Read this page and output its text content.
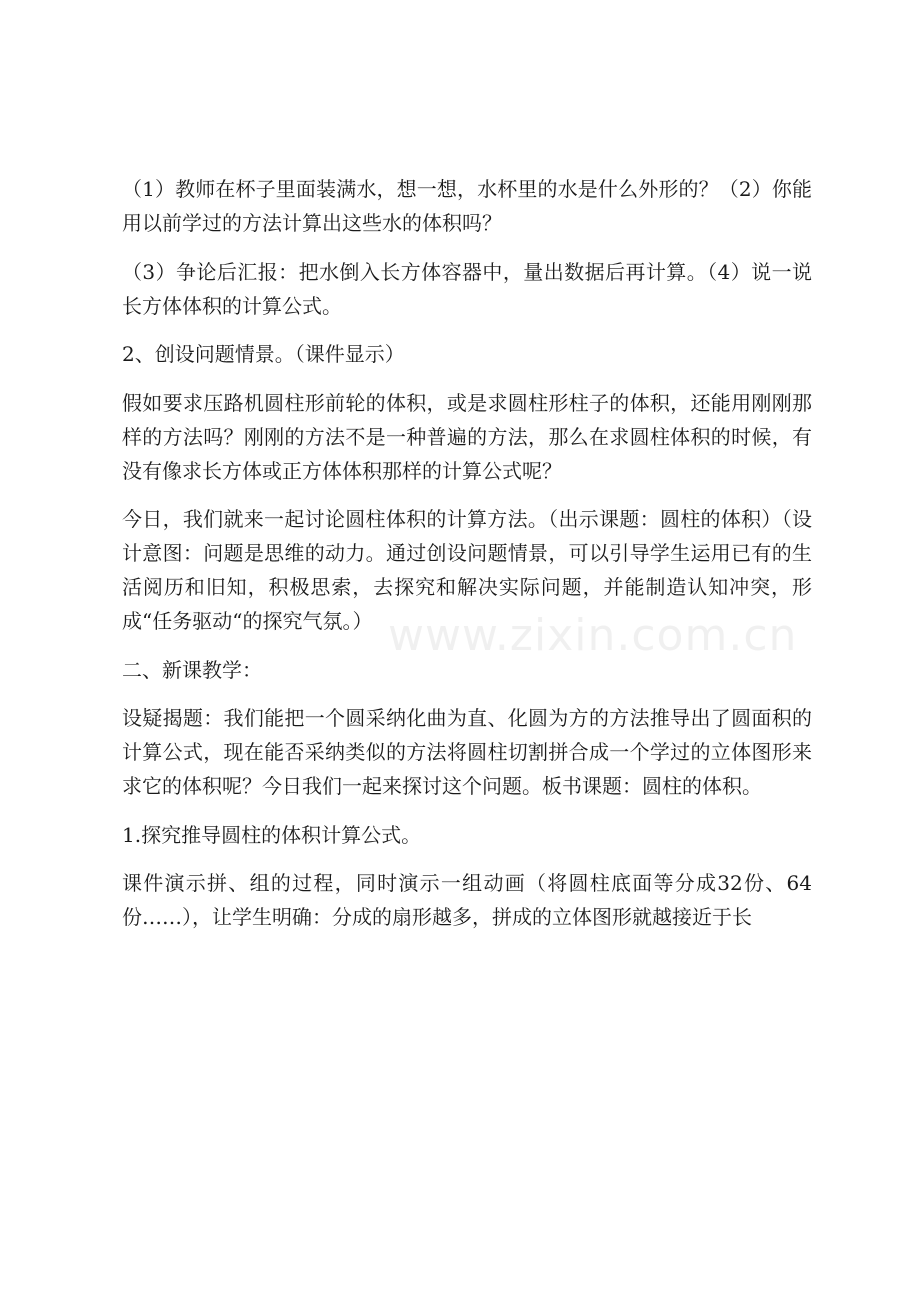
（1）教师在杯子里面装满水，想一想，水杯里的水是什么外形的？（2）你能用以前学过的方法计算出这些水的体积吗？

（3）争论后汇报：把水倒入长方体容器中，量出数据后再计算。（4）说一说长方体体积的计算公式。

2、创设问题情景。（课件显示）

假如要求压路机圆柱形前轮的体积，或是求圆柱形柱子的体积，还能用刚刚那样的方法吗？刚刚的方法不是一种普遍的方法，那么在求圆柱体积的时候，有没有像求长方体或正方体体积那样的计算公式呢？

今日，我们就来一起讨论圆柱体积的计算方法。（出示课题：圆柱的体积）（设计意图：问题是思维的动力。通过创设问题情景，可以引导学生运用已有的生活阅历和旧知，积极思索，去探究和解决实际问题，并能制造认知冲突，形成“任务驱动“的探究气氛。）

二、新课教学：

设疑揭题：我们能把一个圆采纳化曲为直、化圆为方的方法推导出了圆面积的计算公式，现在能否采纳类似的方法将圆柱切割拼合成一个学过的立体图形来求它的体积呢？今日我们一起来探讨这个问题。板书课题：圆柱的体积。

1.探究推导圆柱的体积计算公式。

课件演示拼、组的过程，同时演示一组动画（将圆柱底面等分成32份、64份……），让学生明确：分成的扇形越多，拼成的立体图形就越接近于长

www.zixin.com.cn
